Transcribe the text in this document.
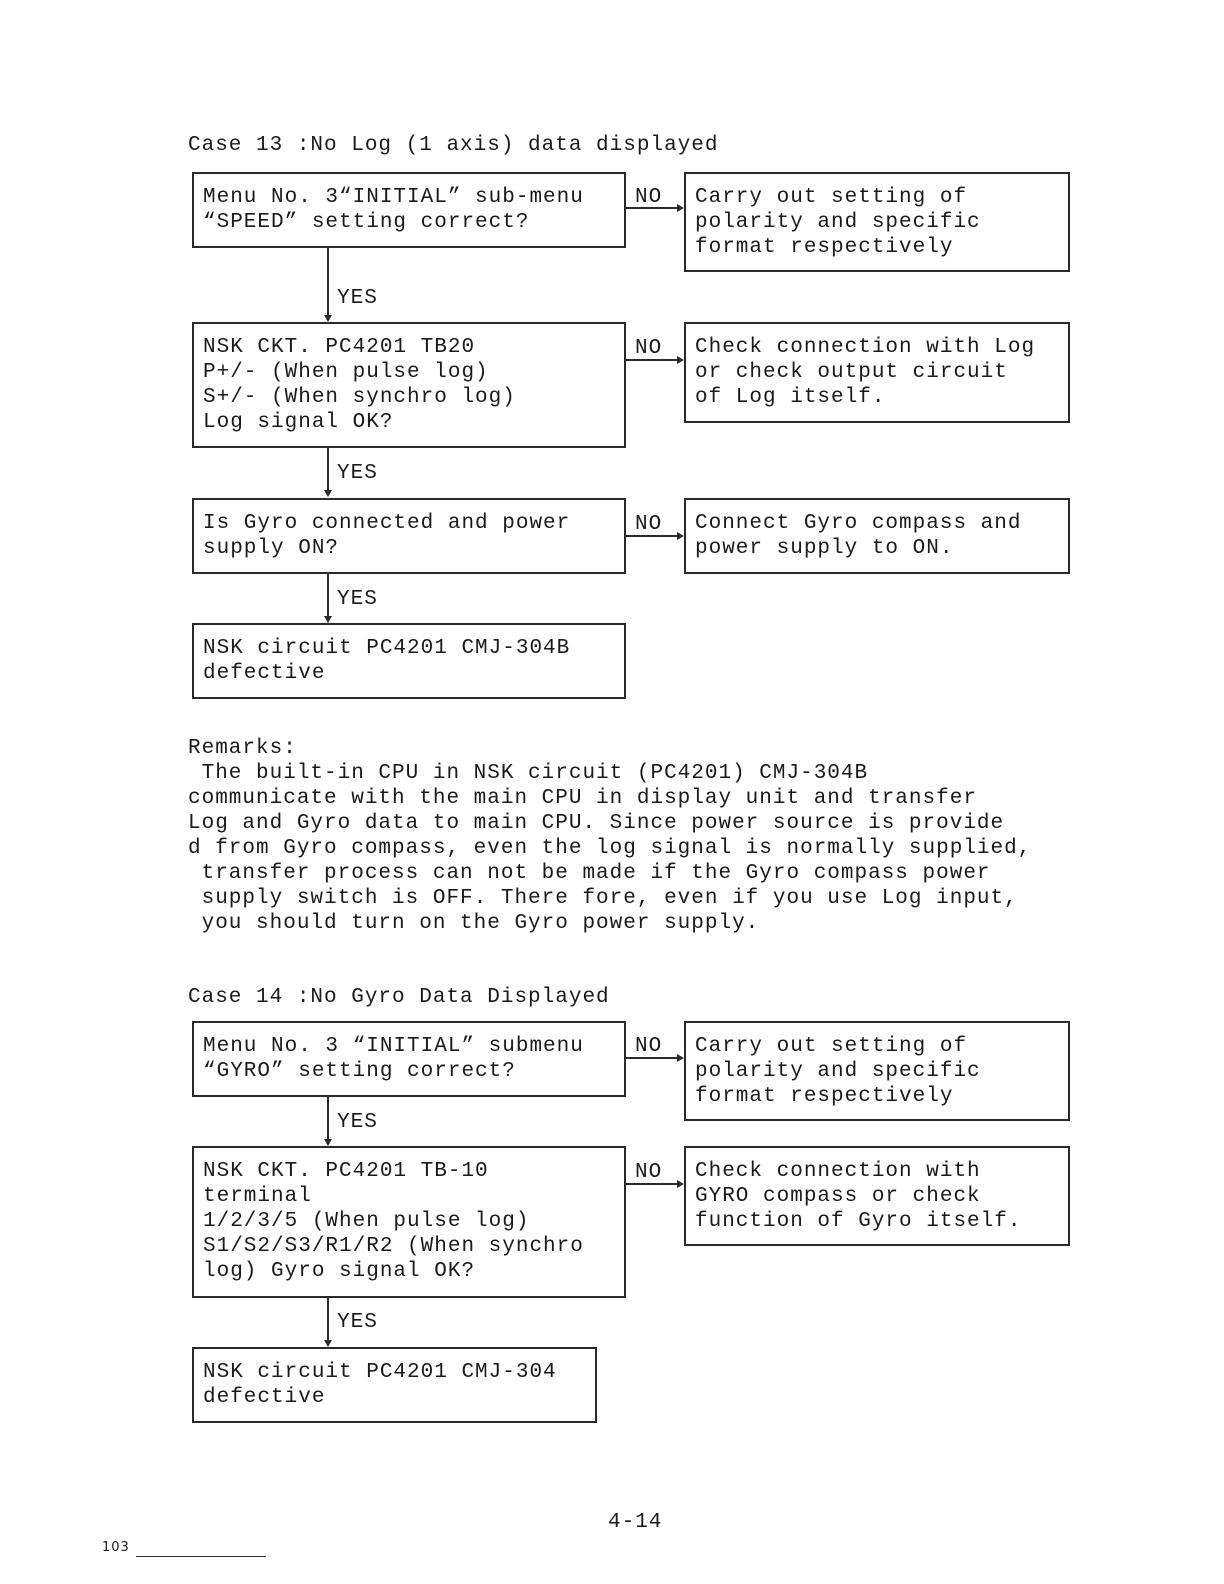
Case 13 :No Log (1 axis) data displayed
Menu No. 3“INITIAL” sub-menu
“SPEED” setting correct?
Carry out setting of
polarity and specific
format respectively
NO
YES
NSK CKT. PC4201 TB20
P+/- (When pulse log)
S+/- (When synchro log)
Log signal OK?
Check connection with Log
or check output circuit
of Log itself.
NO
YES
Is Gyro connected and power
supply ON?
Connect Gyro compass and
power supply to ON.
NO
YES
NSK circuit PC4201 CMJ-304B
defective
Remarks:
The built-in CPU in NSK circuit (PC4201) CMJ-304B
communicate with the main CPU in display unit and transfer
Log and Gyro data to main CPU. Since power source is provide
d from Gyro compass, even the log signal is normally supplied,
transfer process can not be made if the Gyro compass power
supply switch is OFF. There fore, even if you use Log input,
you should turn on the Gyro power supply.
Case 14 :No Gyro Data Displayed
Menu No. 3 “INITIAL” submenu
“GYRO” setting correct?
Carry out setting of
polarity and specific
format respectively
NO
YES
NSK CKT. PC4201 TB-10
terminal
1/2/3/5 (When pulse log)
S1/S2/S3/R1/R2 (When synchro
log) Gyro signal OK?
Check connection with
GYRO compass or check
function of Gyro itself.
NO
YES
NSK circuit PC4201 CMJ-304
defective
4-14
103
